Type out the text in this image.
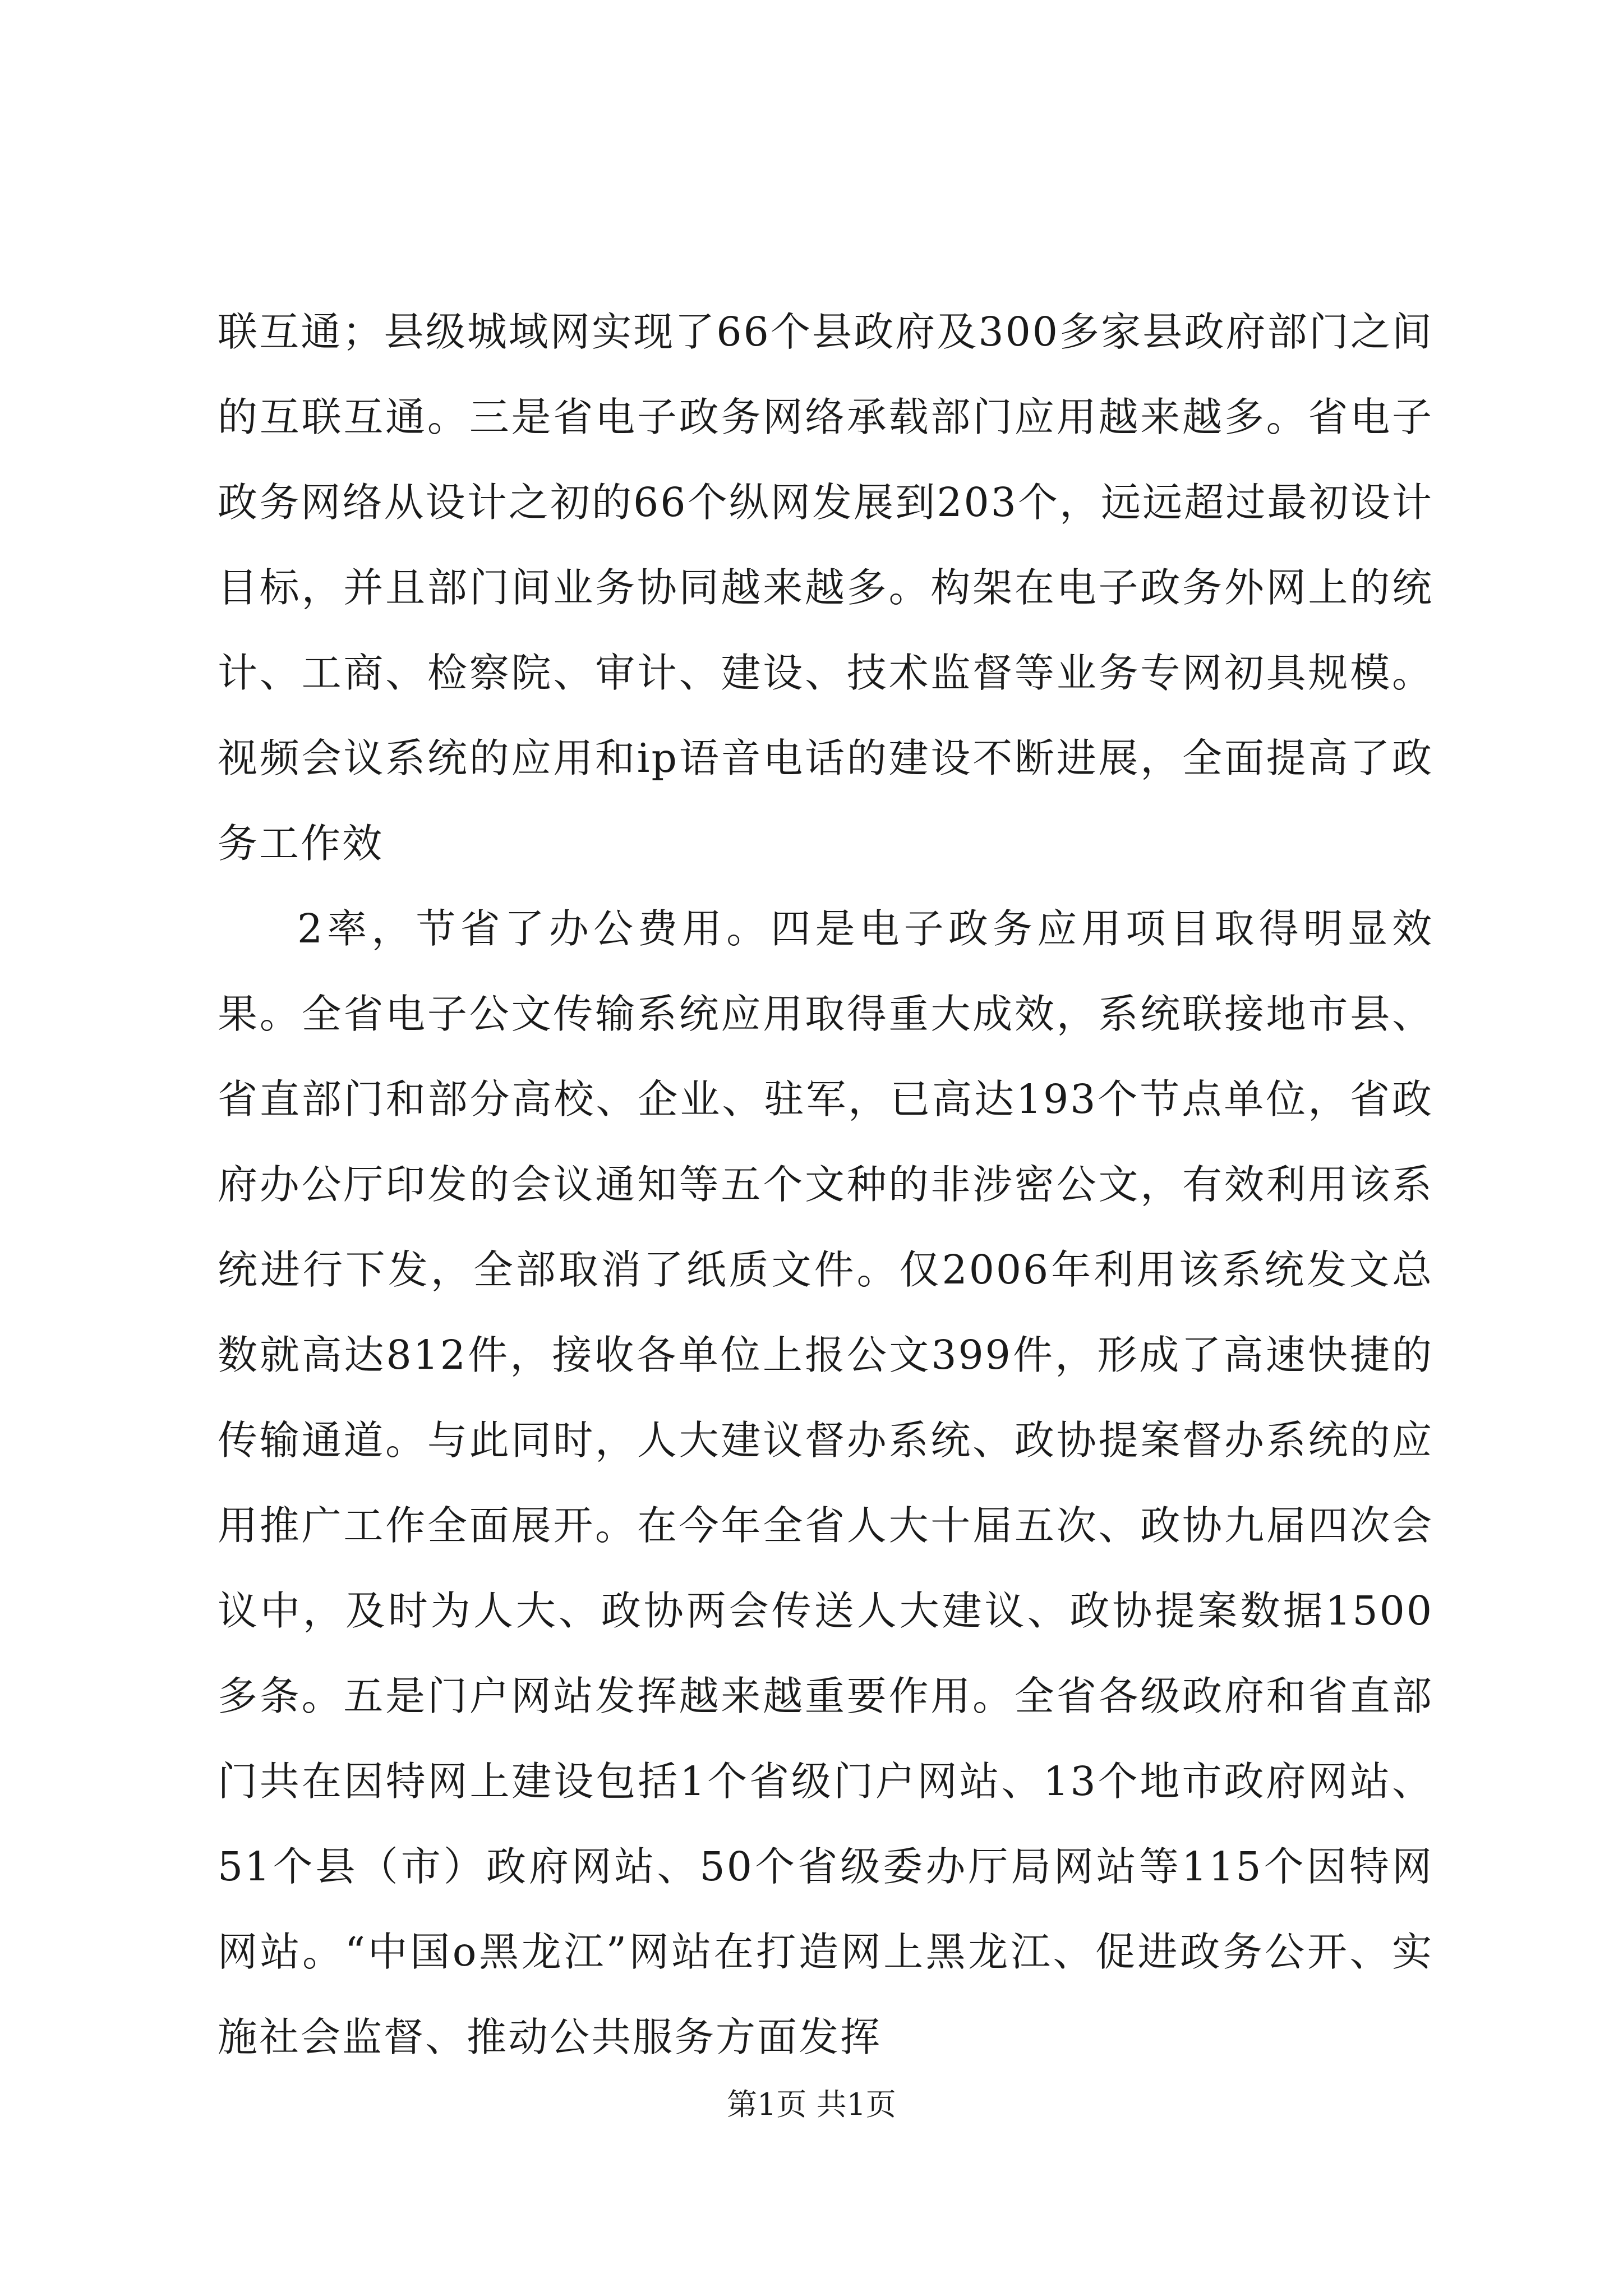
联互通；县级城域网实现了66个县政府及300多家县政府部门之间的互联互通。三是省电子政务网络承载部门应用越来越多。省电子政务网络从设计之初的66个纵网发展到203个，远远超过最初设计目标，并且部门间业务协同越来越多。构架在电子政务外网上的统计、工商、检察院、审计、建设、技术监督等业务专网初具规模。视频会议系统的应用和ip语音电话的建设不断进展，全面提高了政务工作效

2率，节省了办公费用。四是电子政务应用项目取得明显效果。全省电子公文传输系统应用取得重大成效，系统联接地市县、省直部门和部分高校、企业、驻军，已高达193个节点单位，省政府办公厅印发的会议通知等五个文种的非涉密公文，有效利用该系统进行下发，全部取消了纸质文件。仅2006年利用该系统发文总数就高达812件，接收各单位上报公文399件，形成了高速快捷的传输通道。与此同时，人大建议督办系统、政协提案督办系统的应用推广工作全面展开。在今年全省人大十届五次、政协九届四次会议中，及时为人大、政协两会传送人大建议、政协提案数据1500多条。五是门户网站发挥越来越重要作用。全省各级政府和省直部门共在因特网上建设包括1个省级门户网站、13个地市政府网站、51个县（市）政府网站、50个省级委办厅局网站等115个因特网网站。“中国o黑龙江”网站在打造网上黑龙江、促进政务公开、实施社会监督、推动公共服务方面发挥

第1页 共1页
